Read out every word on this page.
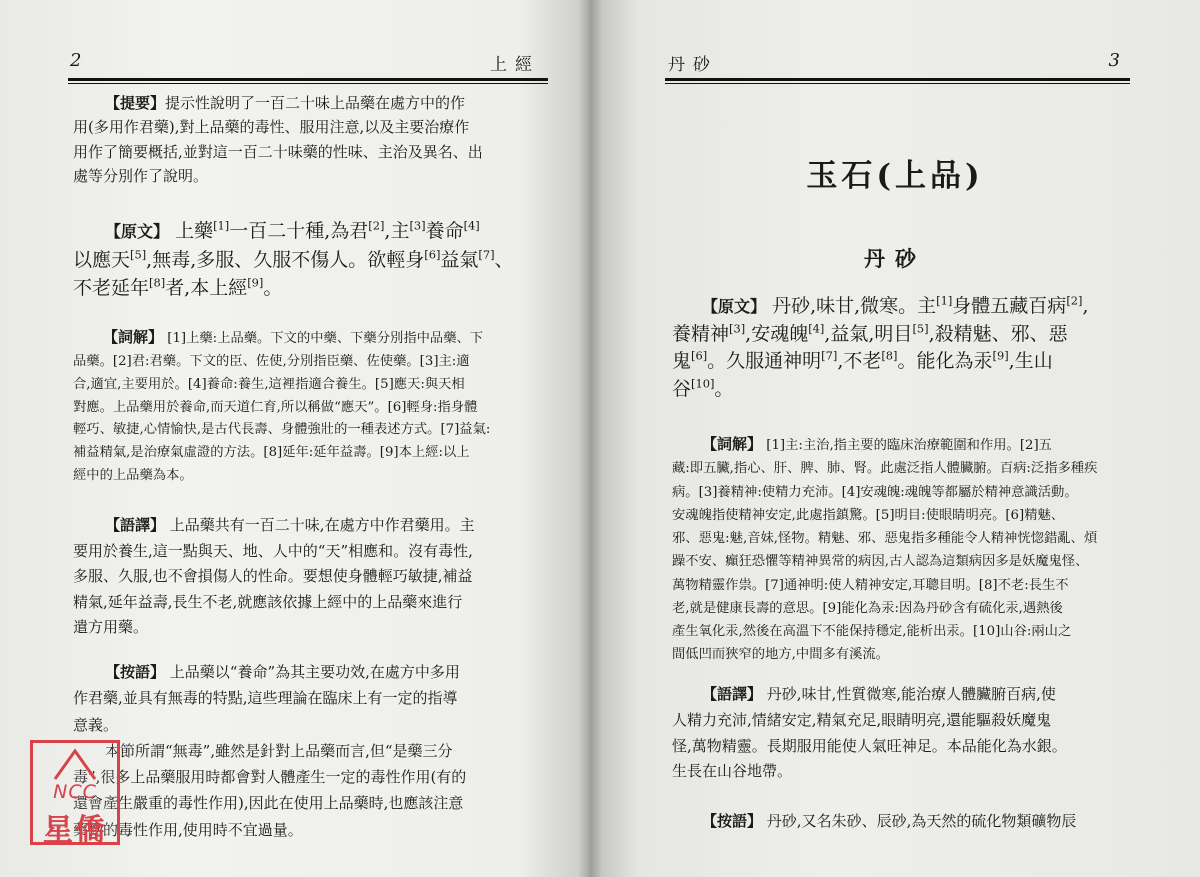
2	上經	丹砂	3
【提要】提示性說明了一百二十味上品藥在處方中的作
用(多用作君藥),對上品藥的毒性、服用注意,以及主要治療作
用作了簡要概括,並對這一百二十味藥的性味、主治及異名、出
處等分別作了說明。
【原文】 上藥[1]一百二十種,為君[2],主[3]養命[4]
以應天[5],無毒,多服、久服不傷人。欲輕身[6]益氣[7]、
不老延年[8]者,本上經[9]。
【詞解】 [1]上藥:上品藥。下文的中藥、下藥分別指中品藥、下
品藥。[2]君:君藥。下文的臣、佐使,分別指臣藥、佐使藥。[3]主:適
合,適宜,主要用於。[4]養命:養生,這裡指適合養生。[5]應天:與天相
對應。上品藥用於養命,而天道仁育,所以稱做“應天”。[6]輕身:指身體
輕巧、敏捷,心情愉快,是古代長壽、身體強壯的一種表述方式。[7]益氣:
補益精氣,是治療氣虛證的方法。[8]延年:延年益壽。[9]本上經:以上
經中的上品藥為本。
【語譯】 上品藥共有一百二十味,在處方中作君藥用。主
要用於養生,這一點與天、地、人中的“天”相應和。沒有毒性,
多服、久服,也不會損傷人的性命。要想使身體輕巧敏捷,補益
精氣,延年益壽,長生不老,就應該依據上經中的上品藥來進行
遣方用藥。
【按語】 上品藥以“養命”為其主要功效,在處方中多用
作君藥,並具有無毒的特點,這些理論在臨床上有一定的指導
意義。
本節所謂“無毒”,雖然是針對上品藥而言,但“是藥三分
毒”,很多上品藥服用時都會對人體產生一定的毒性作用(有的
還會產生嚴重的毒性作用),因此在使用上品藥時,也應該注意
藥物的毒性作用,使用時不宜過量。
玉石(上品)
丹砂
【原文】 丹砂,味甘,微寒。主[1]身體五藏百病[2],
養精神[3],安魂魄[4],益氣,明目[5],殺精魅、邪、惡
鬼[6]。久服通神明[7],不老[8]。能化為汞[9],生山
谷[10]。
【詞解】 [1]主:主治,指主要的臨床治療範圍和作用。[2]五
藏:即五臟,指心、肝、脾、肺、腎。此處泛指人體臟腑。百病:泛指多種疾
病。[3]養精神:使精力充沛。[4]安魂魄:魂魄等都屬於精神意識活動。
安魂魄指使精神安定,此處指鎮驚。[5]明目:使眼睛明亮。[6]精魅、
邪、惡鬼:魅,音妹,怪物。精魅、邪、惡鬼指多種能令人精神恍惚錯亂、煩
躁不安、癲狂恐懼等精神異常的病因,古人認為這類病因多是妖魔鬼怪、
萬物精靈作祟。[7]通神明:使人精神安定,耳聰目明。[8]不老:長生不
老,就是健康長壽的意思。[9]能化為汞:因為丹砂含有硫化汞,遇熱後
產生氧化汞,然後在高溫下不能保持穩定,能析出汞。[10]山谷:兩山之
間低凹而狹窄的地方,中間多有溪流。
【語譯】 丹砂,味甘,性質微寒,能治療人體臟腑百病,使
人精力充沛,情緒安定,精氣充足,眼睛明亮,還能驅殺妖魔鬼
怪,萬物精靈。長期服用能使人氣旺神足。本品能化為水銀。
生長在山谷地帶。
【按語】 丹砂,又名朱砂、辰砂,為天然的硫化物類礦物辰
NCC
星僑
